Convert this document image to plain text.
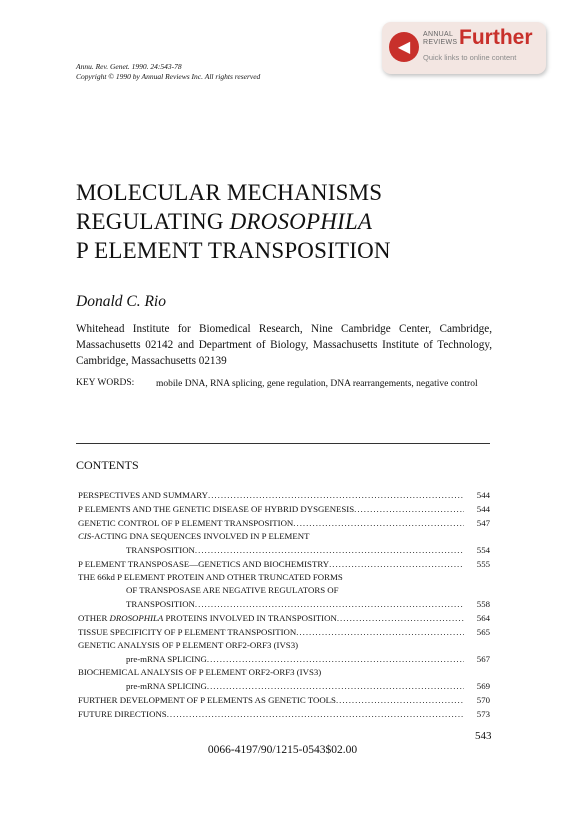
◀
ANNUAL
REVIEWS Further
Quick links to online content
Annu. Rev. Genet. 1990. 24:543-78
Copyright © 1990 by Annual Reviews Inc. All rights reserved
MOLECULAR MECHANISMS
REGULATING DROSOPHILA
P ELEMENT TRANSPOSITION
Donald C. Rio
Whitehead Institute for Biomedical Research, Nine Cambridge Center, Cambridge, Massachusetts 02142 and Department of Biology, Massachusetts Institute of Technology, Cambridge, Massachusetts 02139
KEY WORDS: mobile DNA, RNA splicing, gene regulation, DNA rearrangements, negative control
CONTENTS
PERSPECTIVES AND SUMMARY .....	544
P ELEMENTS AND THE GENETIC DISEASE OF HYBRID DYSGENESIS .....	544
GENETIC CONTROL OF P ELEMENT TRANSPOSITION .....	547
CIS-ACTING DNA SEQUENCES INVOLVED IN P ELEMENT
TRANSPOSITION .....	554
P ELEMENT TRANSPOSASE—GENETICS AND BIOCHEMISTRY .....	555
THE 66kd P ELEMENT PROTEIN AND OTHER TRUNCATED FORMS
OF TRANSPOSASE ARE NEGATIVE REGULATORS OF
TRANSPOSITION .....	558
OTHER DROSOPHILA PROTEINS INVOLVED IN TRANSPOSITION .....	564
TISSUE SPECIFICITY OF P ELEMENT TRANSPOSITION .....	565
GENETIC ANALYSIS OF P ELEMENT ORF2-ORF3 (IVS3)
pre-mRNA SPLICING .....	567
BIOCHEMICAL ANALYSIS OF P ELEMENT ORF2-ORF3 (IVS3)
pre-mRNA SPLICING .....	569
FURTHER DEVELOPMENT OF P ELEMENTS AS GENETIC TOOLS .....	570
FUTURE DIRECTIONS .....	573
543
0066-4197/90/1215-0543$02.00
